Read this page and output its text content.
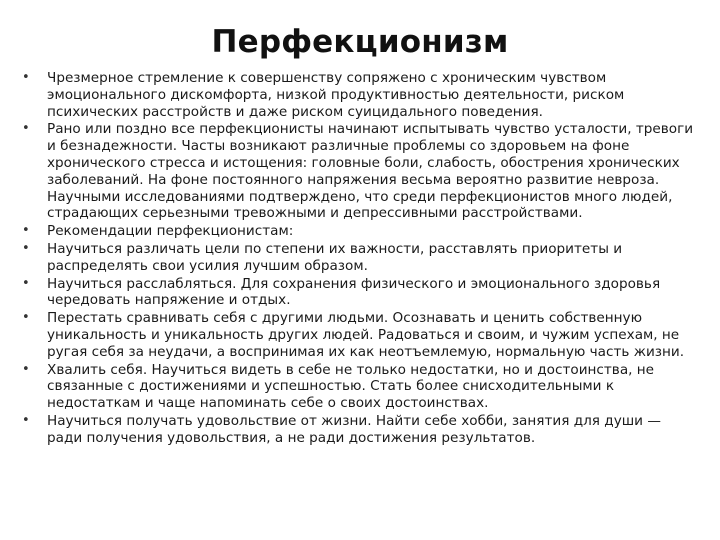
Перфекционизм
• Чрезмерное стремление к совершенству сопряжено с хроническим чувством эмоционального дискомфорта, низкой продуктивностью деятельности, риском психических расстройств и даже риском суицидального поведения.
• Рано или поздно все перфекционисты начинают испытывать чувство усталости, тревоги и безнадежности. Часты возникают различные проблемы со здоровьем на фоне хронического стресса и истощения: головные боли, слабость, обострения хронических заболеваний. На фоне постоянного напряжения весьма вероятно развитие невроза. Научными исследованиями подтверждено, что среди перфекционистов много людей, страдающих серьезными тревожными и депрессивными расстройствами.
• Рекомендации перфекционистам:
• Научиться различать цели по степени их важности, расставлять приоритеты и распределять свои усилия лучшим образом.
• Научиться расслабляться. Для сохранения физического и эмоционального здоровья чередовать напряжение и отдых.
• Перестать сравнивать себя с другими людьми. Осознавать и ценить собственную уникальность и уникальность других людей. Радоваться и своим, и чужим успехам, не ругая себя за неудачи, а воспринимая их как неотъемлемую, нормальную часть жизни.
• Хвалить себя. Научиться видеть в себе не только недостатки, но и достоинства, не связанные с достижениями и успешностью. Стать более снисходительными к недостаткам и чаще напоминать себе о своих достоинствах.
• Научиться получать удовольствие от жизни. Найти себе хобби, занятия для души — ради получения удовольствия, а не ради достижения результатов.
